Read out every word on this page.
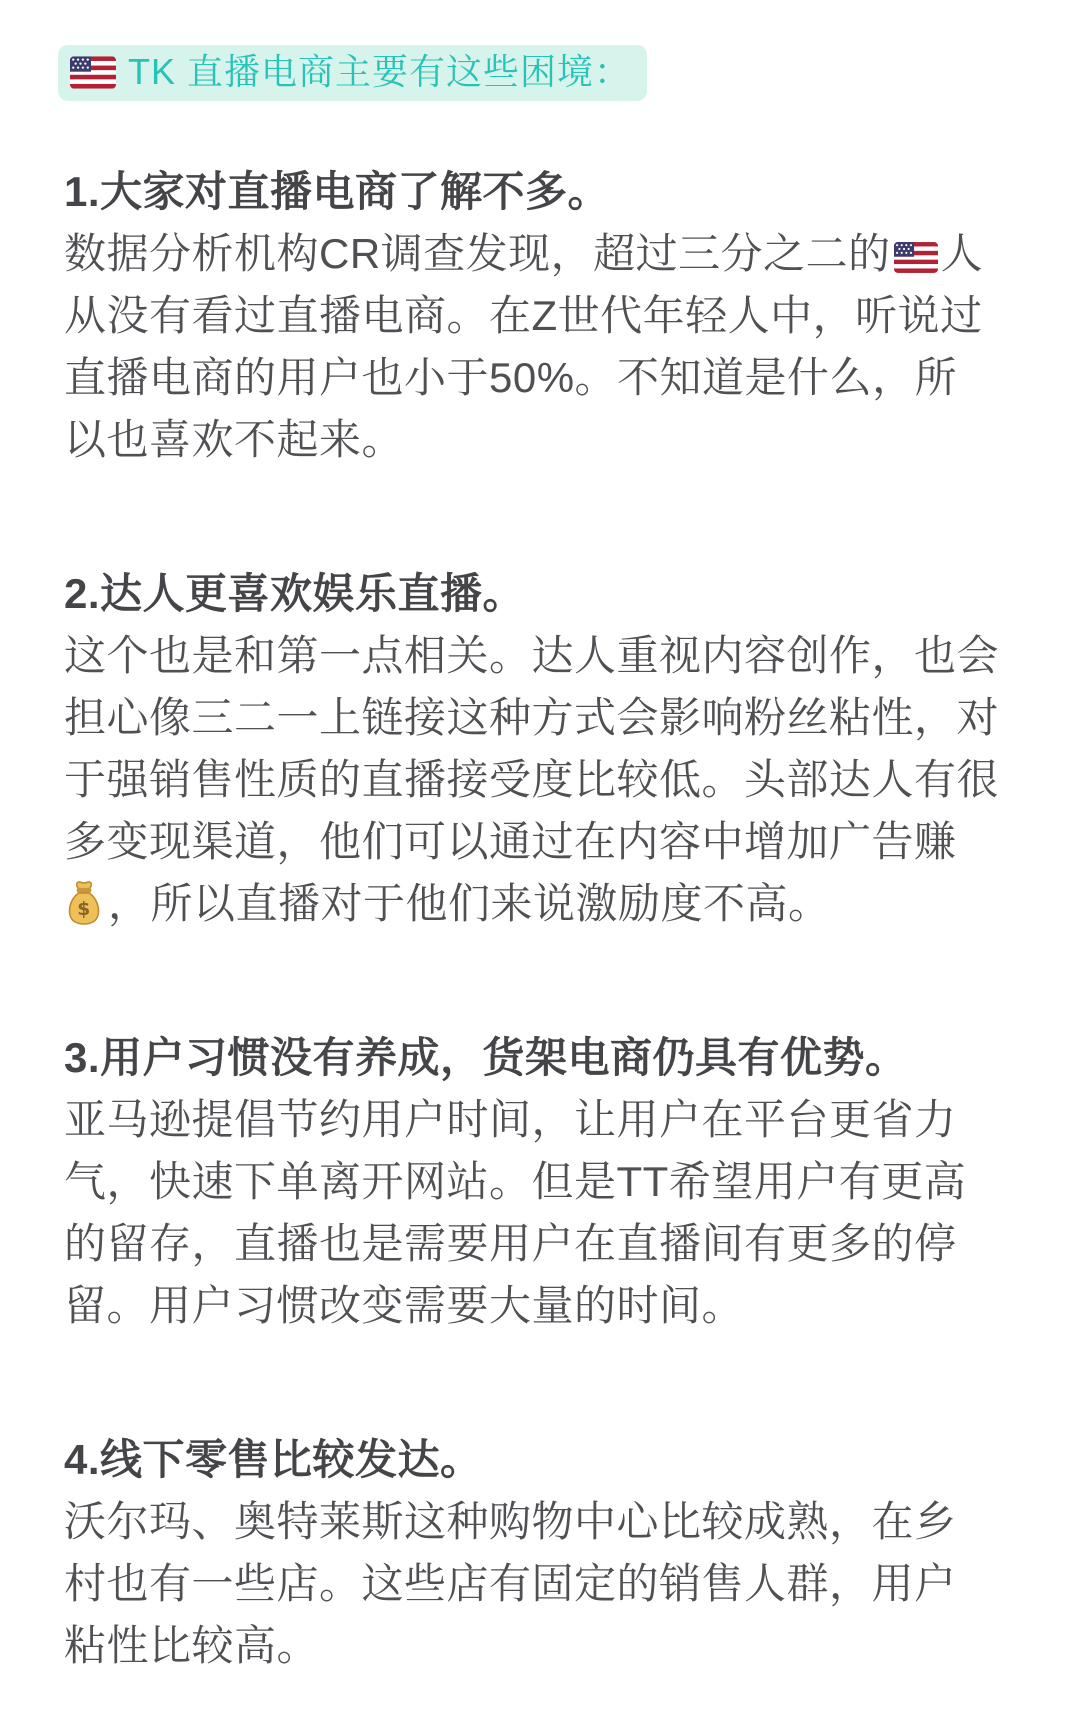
TK 直播电商主要有这些困境：
1.大家对直播电商了解不多。
数据分析机构CR调查发现，超过三分之二的 人
从没有看过直播电商。在Z世代年轻人中，听说过
直播电商的用户也小于50%。不知道是什么，所
以也喜欢不起来。
2.达人更喜欢娱乐直播。
这个也是和第一点相关。达人重视内容创作，也会
担心像三二一上链接这种方式会影响粉丝粘性，对
于强销售性质的直播接受度比较低。头部达人有很
多变现渠道，他们可以通过在内容中增加广告赚
$ ，所以直播对于他们来说激励度不高。
3.用户习惯没有养成，货架电商仍具有优势。
亚马逊提倡节约用户时间，让用户在平台更省力
气，快速下单离开网站。但是TT希望用户有更高
的留存，直播也是需要用户在直播间有更多的停
留。用户习惯改变需要大量的时间。
4.线下零售比较发达。
沃尔玛、奥特莱斯这种购物中心比较成熟，在乡
村也有一些店。这些店有固定的销售人群，用户
粘性比较高。
